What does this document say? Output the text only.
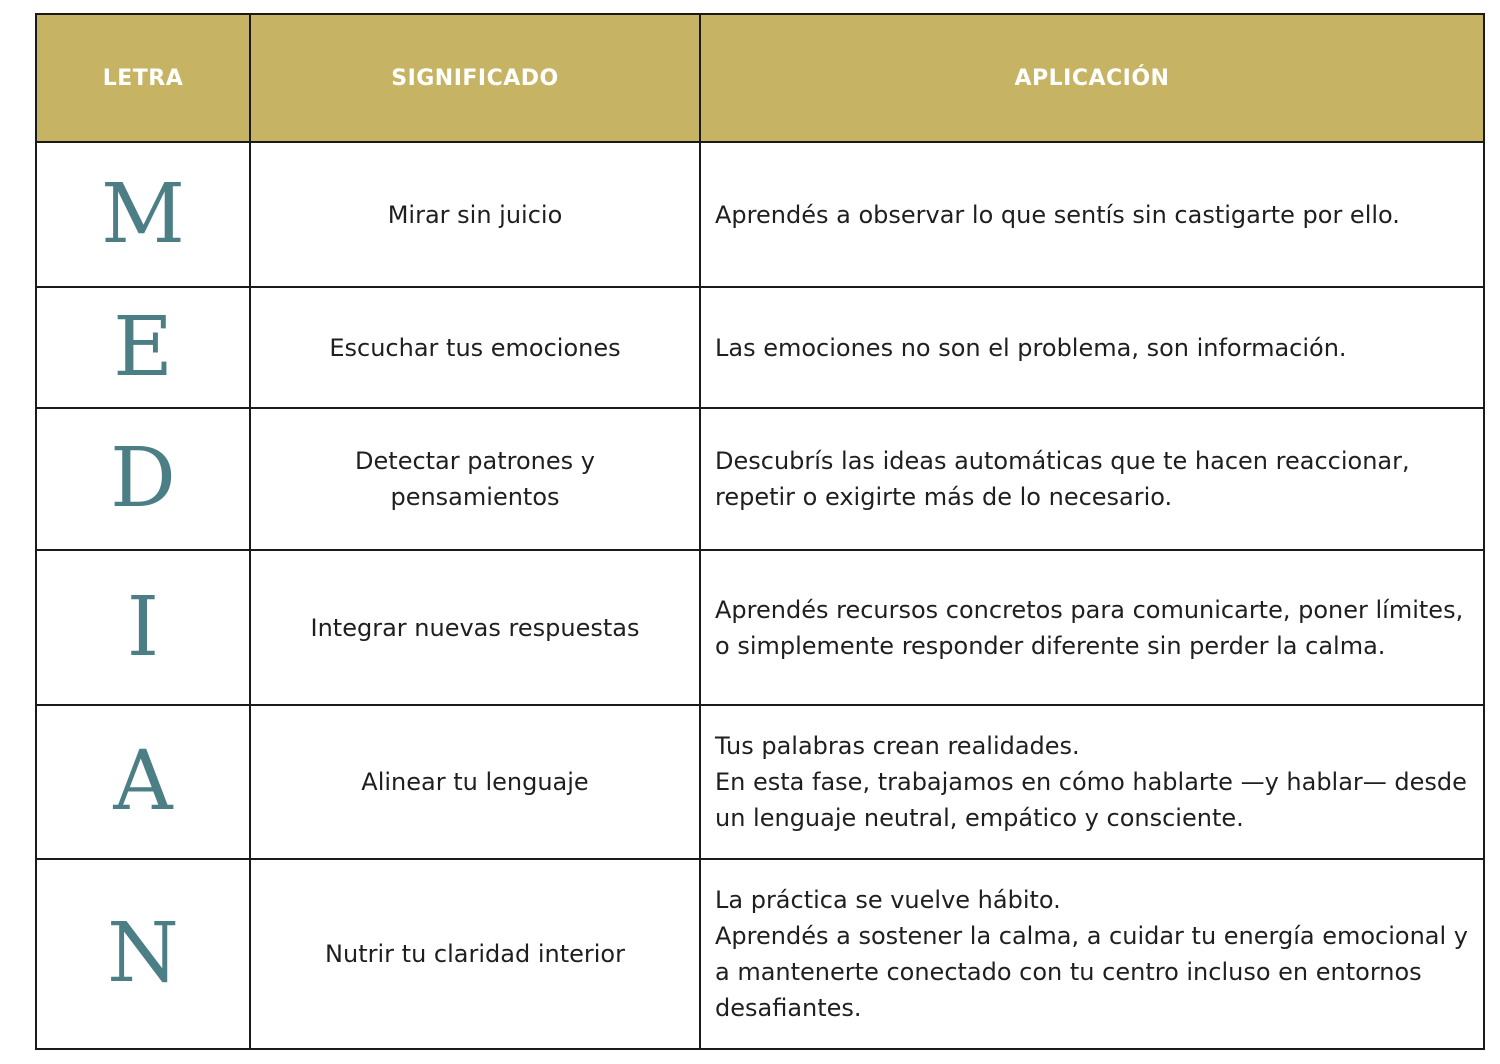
LETRA	SIGNIFICADO	APLICACIÓN
M	Mirar sin juicio	Aprendés a observar lo que sentís sin castigarte por ello.
E	Escuchar tus emociones	Las emociones no son el problema, son información.
D	Detectar patrones y pensamientos	Descubrís las ideas automáticas que te hacen reaccionar, repetir o exigirte más de lo necesario.
I	Integrar nuevas respuestas	Aprendés recursos concretos para comunicarte, poner límites, o simplemente responder diferente sin perder la calma.
A	Alinear tu lenguaje	Tus palabras crean realidades.
En esta fase, trabajamos en cómo hablarte —y hablar— desde un lenguaje neutral, empático y consciente.
N	Nutrir tu claridad interior	La práctica se vuelve hábito.
Aprendés a sostener la calma, a cuidar tu energía emocional y a mantenerte conectado con tu centro incluso en entornos desafiantes.
